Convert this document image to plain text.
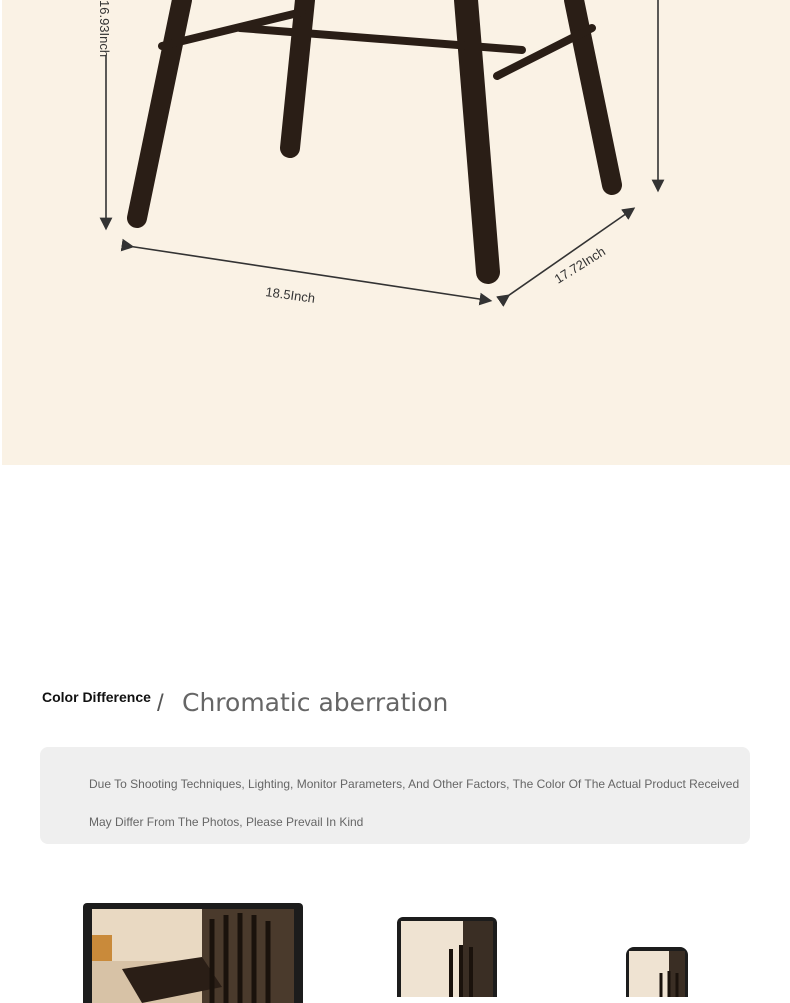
16.93Inch
18.5Inch
17.72Inch
Color Difference / Chromatic aberration

Due To Shooting Techniques, Lighting, Monitor Parameters, And Other Factors, The Color Of The Actual Product Received May Differ From The Photos, Please Prevail In Kind
